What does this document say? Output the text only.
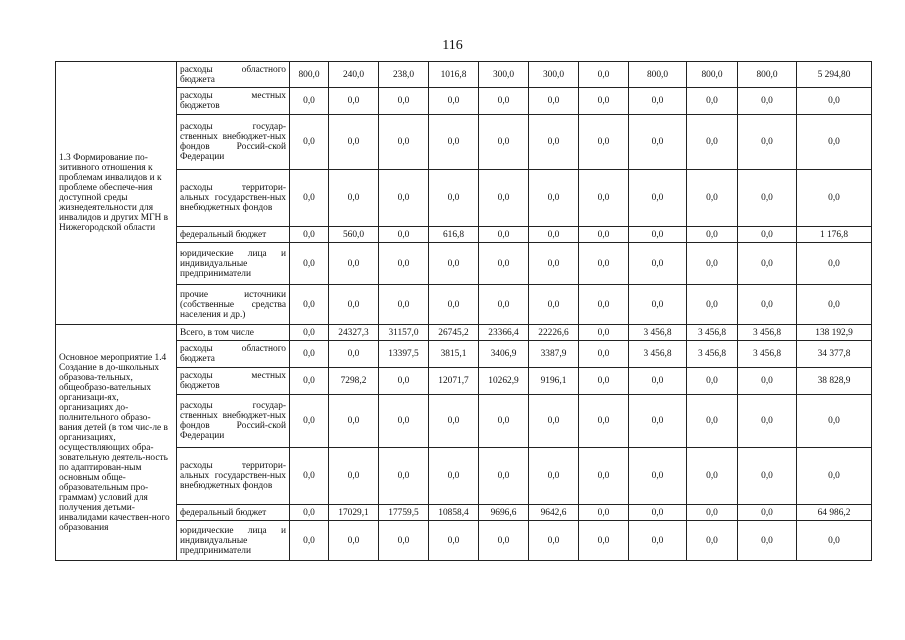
116
1.3 Формирование по-зитивного отношения к проблемам инвалидов и к проблеме обеспече-ния доступной среды жизнедеятельности для инвалидов и других МГН в Нижегородской области	расходы областного бюджета	800,0	240,0	238,0	1016,8	300,0	300,0	0,0	800,0	800,0	800,0	5 294,80
	расходы местных бюджетов	0,0	0,0	0,0	0,0	0,0	0,0	0,0	0,0	0,0	0,0	0,0
	расходы государ-ственных внебюджет-ных фондов Россий-ской Федерации	0,0	0,0	0,0	0,0	0,0	0,0	0,0	0,0	0,0	0,0	0,0
	расходы территори-альных государствен-ных внебюджетных фондов	0,0	0,0	0,0	0,0	0,0	0,0	0,0	0,0	0,0	0,0	0,0
	федеральный бюджет	0,0	560,0	0,0	616,8	0,0	0,0	0,0	0,0	0,0	0,0	1 176,8
	юридические лица и индивидуальные предприниматели	0,0	0,0	0,0	0,0	0,0	0,0	0,0	0,0	0,0	0,0	0,0
	прочие источники (собственные средства населения и др.)	0,0	0,0	0,0	0,0	0,0	0,0	0,0	0,0	0,0	0,0	0,0
Основное мероприятие 1.4 Создание в до-школьных образова-тельных, общеобразо-вательных организаци-ях, организациях до-полнительного образо-вания детей (в том чис-ле в организациях, осуществляющих обра-зовательную деятель-ность по адаптирован-ным основным обще-образовательным про-граммам) условий для получения детьми-инвалидами качествен-ного образования	Всего, в том числе	0,0	24327,3	31157,0	26745,2	23366,4	22226,6	0,0	3 456,8	3 456,8	3 456,8	138 192,9
	расходы областного бюджета	0,0	0,0	13397,5	3815,1	3406,9	3387,9	0,0	3 456,8	3 456,8	3 456,8	34 377,8
	расходы местных бюджетов	0,0	7298,2	0,0	12071,7	10262,9	9196,1	0,0	0,0	0,0	0,0	38 828,9
	расходы государ-ственных внебюджет-ных фондов Россий-ской Федерации	0,0	0,0	0,0	0,0	0,0	0,0	0,0	0,0	0,0	0,0	0,0
	расходы территори-альных государствен-ных внебюджетных фондов	0,0	0,0	0,0	0,0	0,0	0,0	0,0	0,0	0,0	0,0	0,0
	федеральный бюджет	0,0	17029,1	17759,5	10858,4	9696,6	9642,6	0,0	0,0	0,0	0,0	64 986,2
	юридические лица и индивидуальные предприниматели	0,0	0,0	0,0	0,0	0,0	0,0	0,0	0,0	0,0	0,0	0,0
